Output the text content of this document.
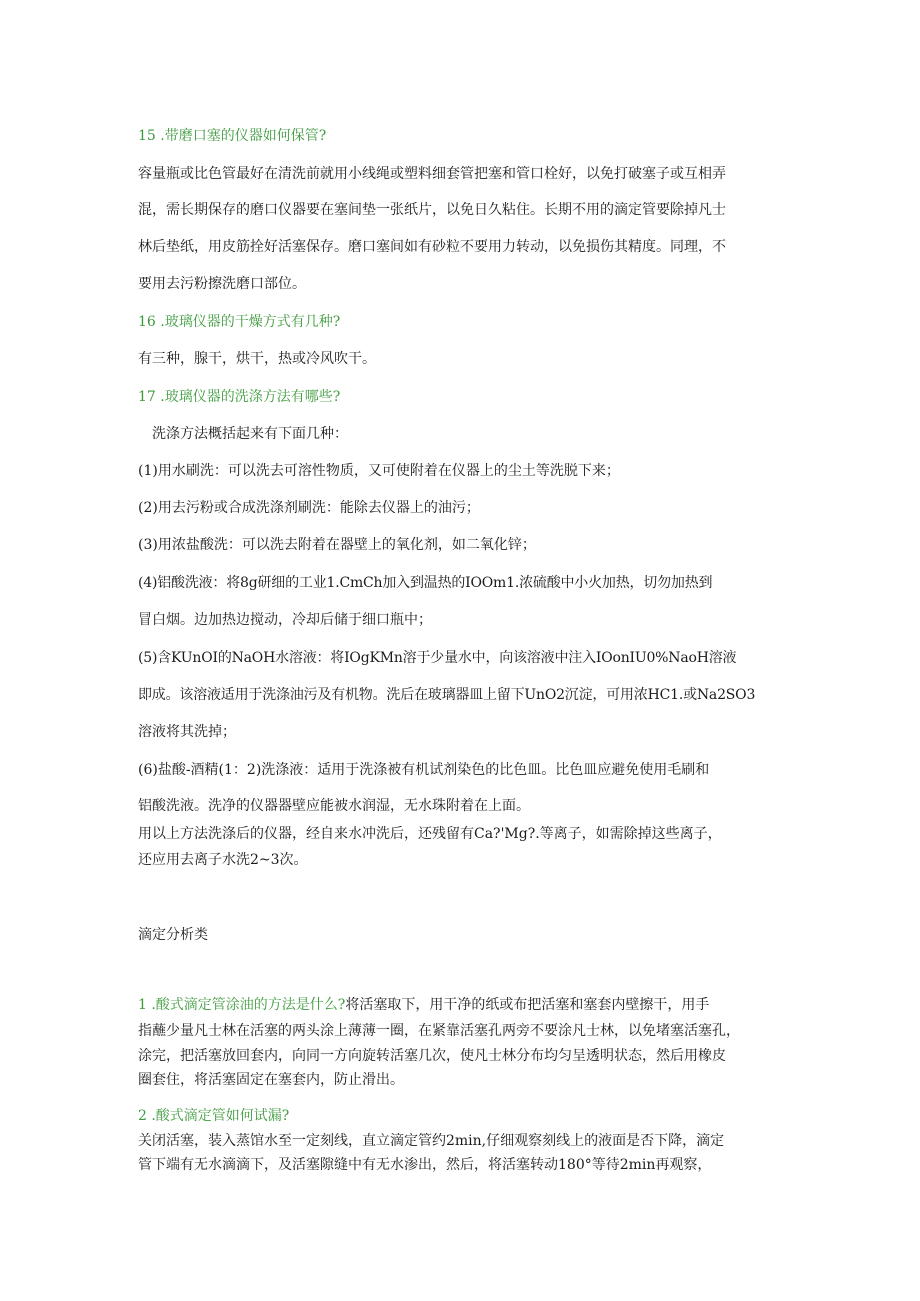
15 .带磨口塞的仪器如何保管?
容量瓶或比色管最好在清洗前就用小线绳或塑料细套管把塞和管口栓好，以免打破塞子或互相弄
混，需长期保存的磨口仪器要在塞间垫一张纸片，以免日久粘住。长期不用的滴定管要除掉凡士
林后垫纸，用皮筋拴好活塞保存。磨口塞间如有砂粒不要用力转动，以免损伤其精度。同理，不
要用去污粉擦洗磨口部位。
16 .玻璃仪器的干燥方式有几种?
有三种，腺干，烘干，热或冷风吹干。
17 .玻璃仪器的洗涤方法有哪些?
洗涤方法概括起来有下面几种：
(1)用水刷洗：可以洗去可溶性物质，又可使附着在仪器上的尘土等洗脱下来；
(2)用去污粉或合成洗涤剂刷洗：能除去仪器上的油污；
(3)用浓盐酸洗：可以洗去附着在器壁上的氧化剂，如二氧化锌；
(4)铝酸洗液：将8g研细的工业1.CmCh加入到温热的IOOm1.浓硫酸中小火加热，切勿加热到
冒白烟。边加热边搅动，冷却后储于细口瓶中；
(5)含KUnOI的NaOH水溶液：将IOgKMn溶于少量水中，向该溶液中注入IOonIU0%NaoH溶液
即成。该溶液适用于洗涤油污及有机物。洗后在玻璃器皿上留下UnO2沉淀，可用浓HC1.或Na2SO3
溶液将其洗掉；
(6)盐酸-酒精(1：2)洗涤液：适用于洗涤被有机试剂染色的比色皿。比色皿应避免使用毛刷和
铝酸洗液。洗净的仪器器壁应能被水润湿，无水珠附着在上面。
用以上方法洗涤后的仪器，经自来水冲洗后，还残留有Ca?'Mg?.等离子，如需除掉这些离子，
还应用去离子水洗2~3次。
滴定分析类
1 .酸式滴定管涂油的方法是什么?将活塞取下，用干净的纸或布把活塞和塞套内壁擦干，用手
指蘸少量凡士林在活塞的两头涂上薄薄一圈，在紧靠活塞孔两旁不要涂凡士林，以免堵塞活塞孔，
涂完，把活塞放回套内，向同一方向旋转活塞几次，使凡士林分布均匀呈透明状态，然后用橡皮
圈套住，将活塞固定在塞套内，防止滑出。
2 .酸式滴定管如何试漏?
关闭活塞，装入蒸馆水至一定刻线，直立滴定管约2min,仔细观察刻线上的液面是否下降，滴定
管下端有无水滴滴下，及活塞隙缝中有无水渗出，然后，将活塞转动180°等待2min再观察，
